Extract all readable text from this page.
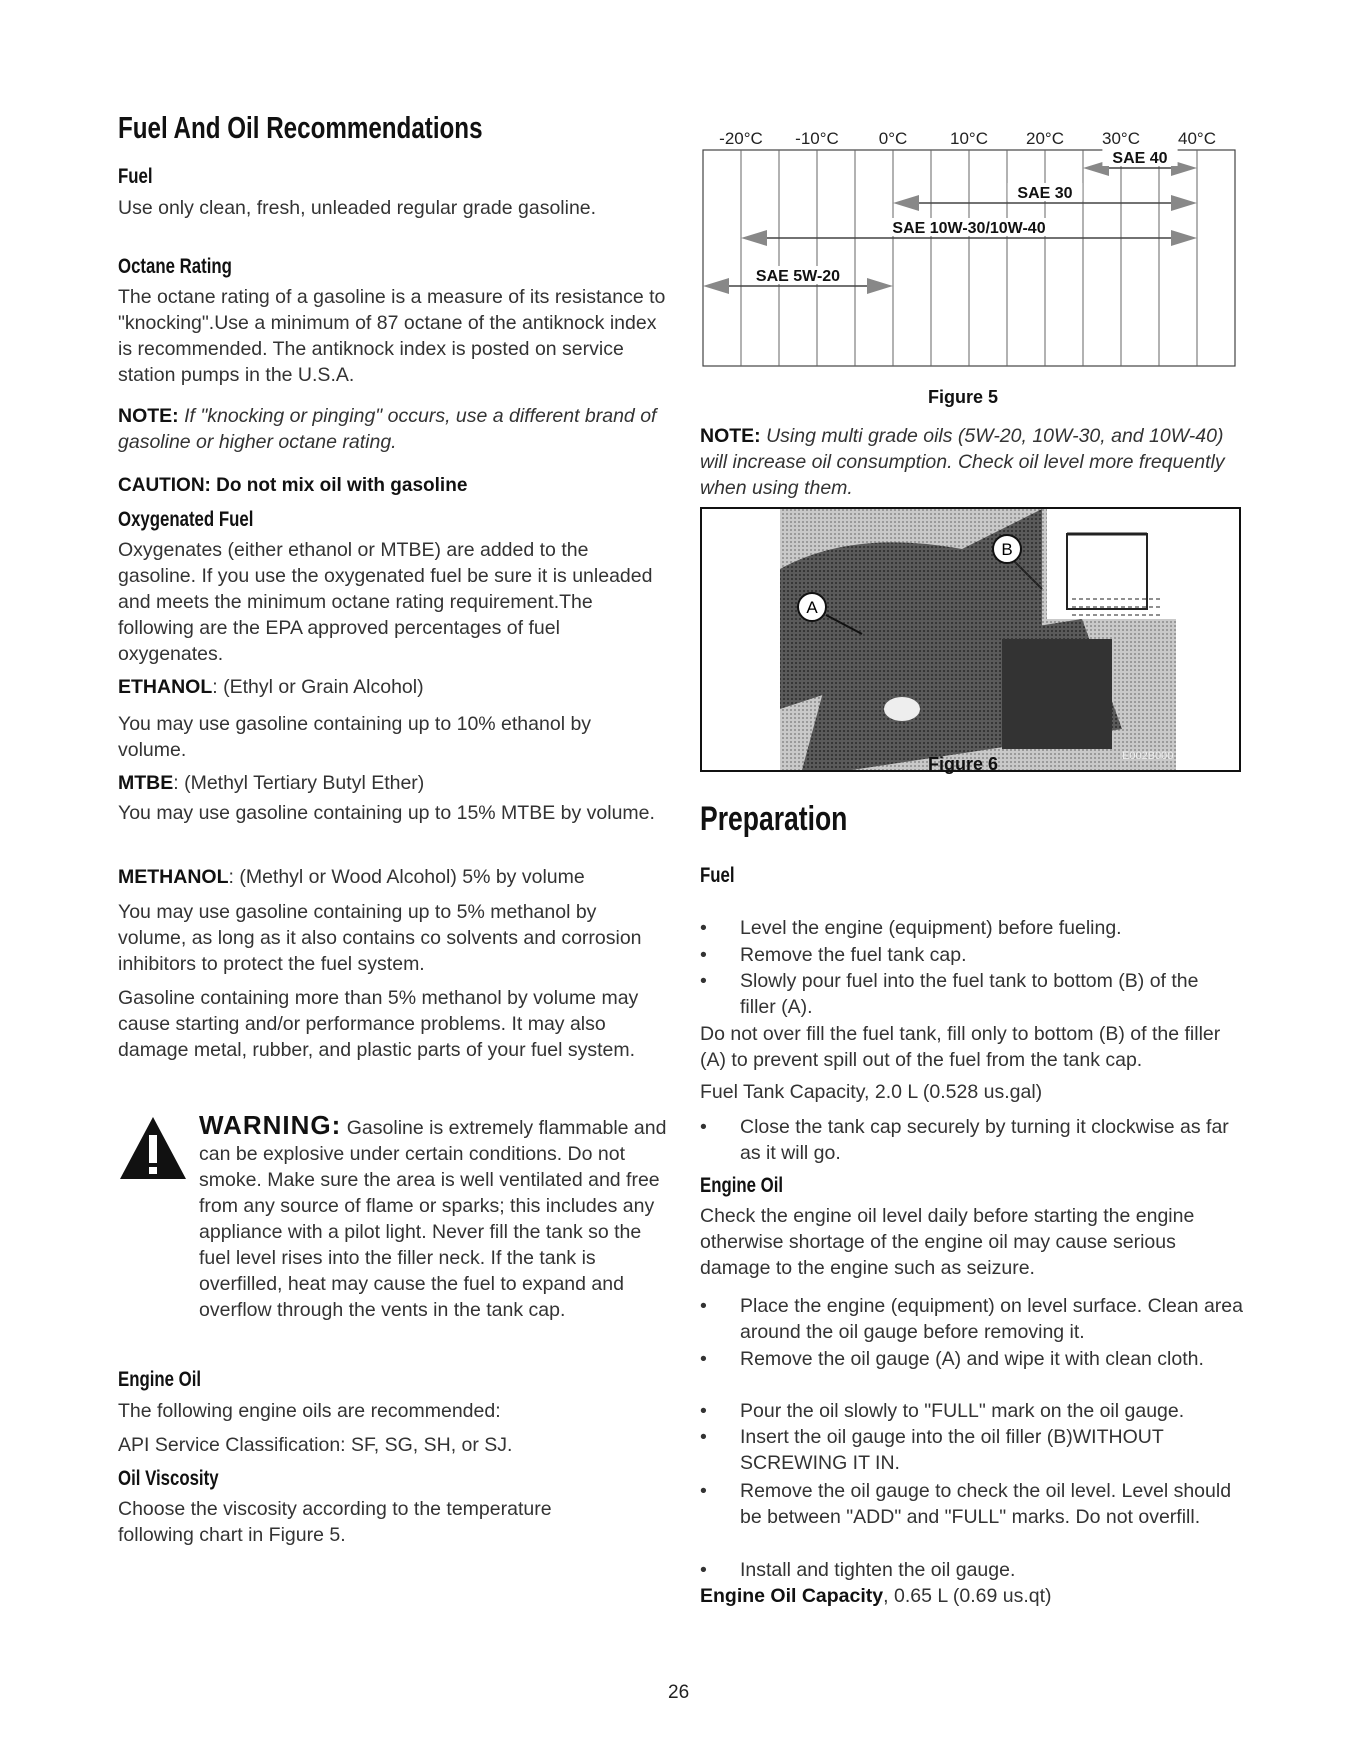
Fuel And Oil Recommendations
Fuel
Use only clean, fresh, unleaded regular grade gasoline.
Octane Rating
The octane rating of a gasoline is a measure of its resistance to "knocking".Use a minimum of 87 octane of the antiknock index is recommended. The antiknock index is posted on service station pumps in the U.S.A.
NOTE: If "knocking or pinging" occurs, use a different brand of gasoline or higher octane rating.
CAUTION: Do not mix oil with gasoline
Oxygenated Fuel
Oxygenates (either ethanol or MTBE) are added to the gasoline. If you use the oxygenated fuel be sure it is unleaded and meets the minimum octane rating requirement.The following are the EPA approved percentages of fuel oxygenates.
ETHANOL: (Ethyl or Grain Alcohol)
You may use gasoline containing up to 10% ethanol by volume.
MTBE: (Methyl Tertiary Butyl Ether)
You may use gasoline containing up to 15% MTBE by volume.
METHANOL: (Methyl or Wood Alcohol) 5% by volume
You may use gasoline containing up to 5% methanol by volume, as long as it also contains co solvents and corrosion inhibitors to protect the fuel system.
Gasoline containing more than 5% methanol by volume may cause starting and/or performance problems. It may also damage metal, rubber, and plastic parts of your fuel system.
WARNING: Gasoline is extremely flammable and can be explosive under certain conditions. Do not smoke. Make sure the area is well ventilated and free from any source of flame or sparks; this includes any appliance with a pilot light. Never fill the tank so the fuel level rises into the filler neck. If the tank is overfilled, heat may cause the fuel to expand and overflow through the vents in the tank cap.
Engine Oil
The following engine oils are recommended:
API Service Classification: SF, SG, SH, or SJ.
Oil Viscosity
Choose the viscosity according to the temperature following chart in Figure 5.
-20°C -10°C 0°C	10°C 20°C 30°C 40°C
SAE 40
SAE 30
SAE 10W-30/10W-40
SAE 5W-20
Figure 5
NOTE: Using multi grade oils (5W-20, 10W-30, and 10W-40) will increase oil consumption. Check oil level more frequently when using them.
B
A
E002B000
Figure 6
Preparation
Fuel
• Level the engine (equipment) before fueling.
• Remove the fuel tank cap.
• Slowly pour fuel into the fuel tank to bottom (B) of the filler (A).
Do not over fill the fuel tank, fill only to bottom (B) of the filler (A) to prevent spill out of the fuel from the tank cap.
Fuel Tank Capacity, 2.0 L (0.528 us.gal)
• Close the tank cap securely by turning it clockwise as far as it will go.
Engine Oil
Check the engine oil level daily before starting the engine otherwise shortage of the engine oil may cause serious damage to the engine such as seizure.
• Place the engine (equipment) on level surface. Clean area around the oil gauge before removing it.
• Remove the oil gauge (A) and wipe it with clean cloth.
• Pour the oil slowly to "FULL" mark on the oil gauge.
• Insert the oil gauge into the oil filler (B)WITHOUT SCREWING IT IN.
• Remove the oil gauge to check the oil level. Level should be between "ADD" and "FULL" marks. Do not overfill.
• Install and tighten the oil gauge.
Engine Oil Capacity, 0.65 L (0.69 us.qt)
26
